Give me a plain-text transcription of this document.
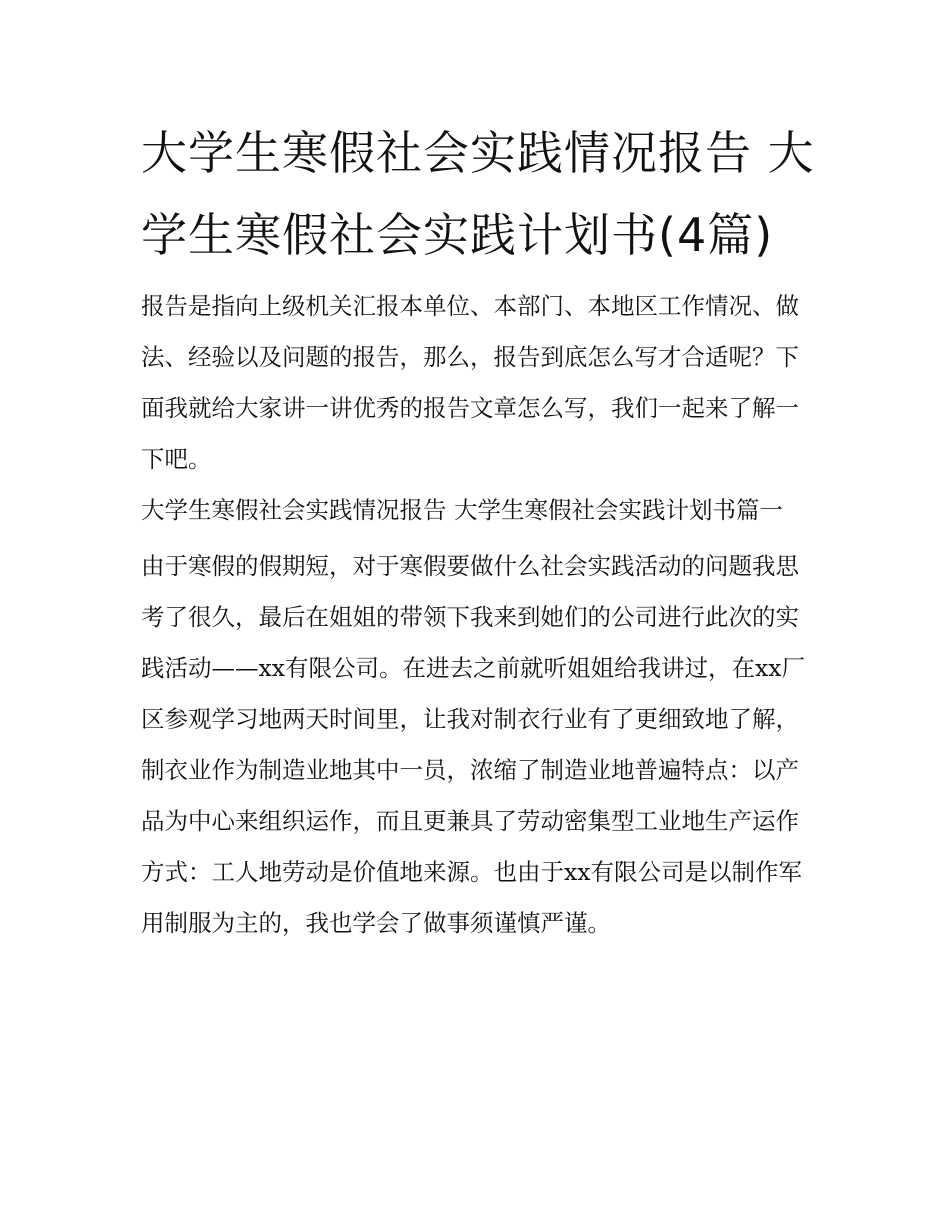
大学生寒假社会实践情况报告 大学生寒假社会实践计划书(4篇)

报告是指向上级机关汇报本单位、本部门、本地区工作情况、做法、经验以及问题的报告，那么，报告到底怎么写才合适呢？下面我就给大家讲一讲优秀的报告文章怎么写，我们一起来了解一下吧。

大学生寒假社会实践情况报告 大学生寒假社会实践计划书篇一

由于寒假的假期短，对于寒假要做什么社会实践活动的问题我思考了很久，最后在姐姐的带领下我来到她们的公司进行此次的实践活动——xx有限公司。在进去之前就听姐姐给我讲过，在xx厂区参观学习地两天时间里，让我对制衣行业有了更细致地了解，制衣业作为制造业地其中一员，浓缩了制造业地普遍特点：以产品为中心来组织运作，而且更兼具了劳动密集型工业地生产运作方式：工人地劳动是价值地来源。也由于xx有限公司是以制作军用制服为主的，我也学会了做事须谨慎严谨。
